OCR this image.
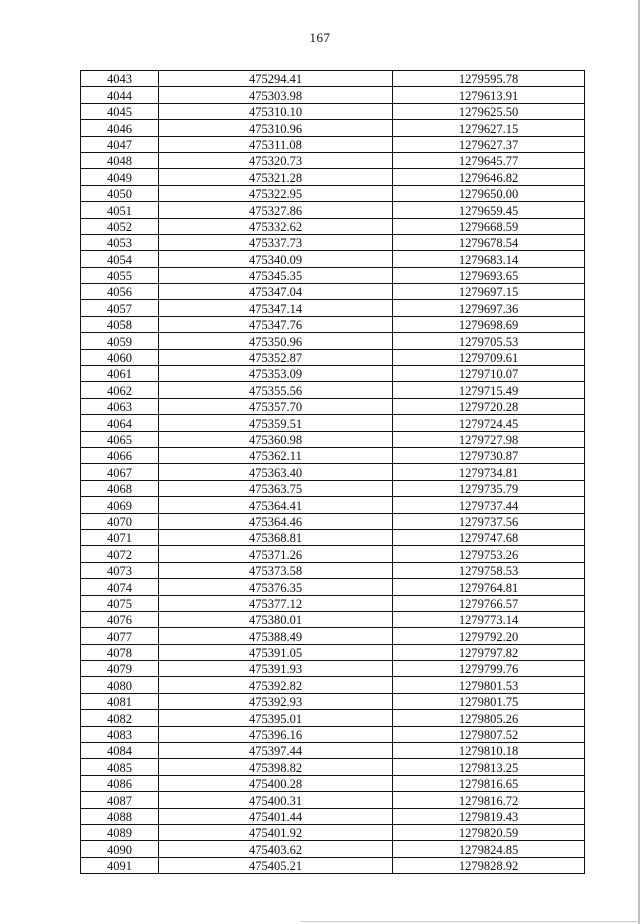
167
4043	475294.41	1279595.78
4044	475303.98	1279613.91
4045	475310.10	1279625.50
4046	475310.96	1279627.15
4047	475311.08	1279627.37
4048	475320.73	1279645.77
4049	475321.28	1279646.82
4050	475322.95	1279650.00
4051	475327.86	1279659.45
4052	475332.62	1279668.59
4053	475337.73	1279678.54
4054	475340.09	1279683.14
4055	475345.35	1279693.65
4056	475347.04	1279697.15
4057	475347.14	1279697.36
4058	475347.76	1279698.69
4059	475350.96	1279705.53
4060	475352.87	1279709.61
4061	475353.09	1279710.07
4062	475355.56	1279715.49
4063	475357.70	1279720.28
4064	475359.51	1279724.45
4065	475360.98	1279727.98
4066	475362.11	1279730.87
4067	475363.40	1279734.81
4068	475363.75	1279735.79
4069	475364.41	1279737.44
4070	475364.46	1279737.56
4071	475368.81	1279747.68
4072	475371.26	1279753.26
4073	475373.58	1279758.53
4074	475376.35	1279764.81
4075	475377.12	1279766.57
4076	475380.01	1279773.14
4077	475388.49	1279792.20
4078	475391.05	1279797.82
4079	475391.93	1279799.76
4080	475392.82	1279801.53
4081	475392.93	1279801.75
4082	475395.01	1279805.26
4083	475396.16	1279807.52
4084	475397.44	1279810.18
4085	475398.82	1279813.25
4086	475400.28	1279816.65
4087	475400.31	1279816.72
4088	475401.44	1279819.43
4089	475401.92	1279820.59
4090	475403.62	1279824.85
4091	475405.21	1279828.92
